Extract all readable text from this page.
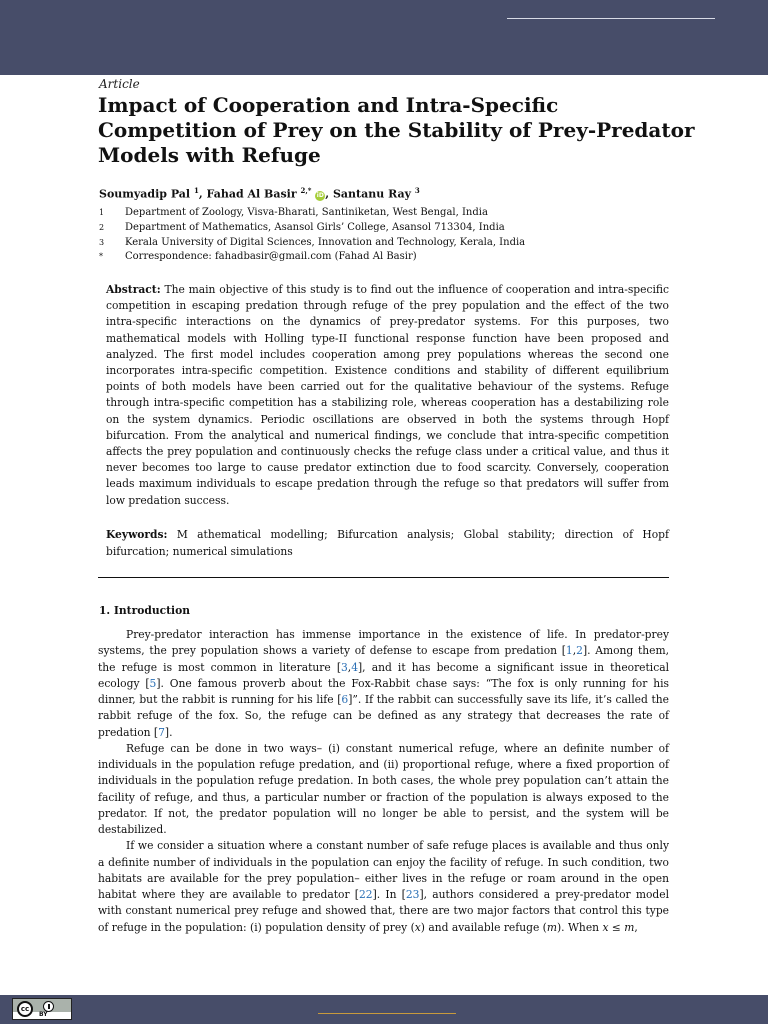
Article
Impact of Cooperation and Intra-Specific Competition of Prey on the Stability of Prey-Predator Models with Refuge
Soumyadip Pal $^1$, Fahad Al Basir $^{2,*}$ iD, Santanu Ray $^3$
1	Department of Zoology, Visva-Bharati, Santiniketan, West Bengal, India
2	Department of Mathematics, Asansol Girls’ College, Asansol 713304, India
3	Kerala University of Digital Sciences, Innovation and Technology, Kerala, India
*	Correspondence: fahadbasir@gmail.com (Fahad Al Basir)

Abstract: The main objective of this study is to find out the influence of cooperation and intra-specific competition in escaping predation through refuge of the prey population and the effect of the two intra-specific interactions on the dynamics of prey-predator systems. For this purposes, two mathematical models with Holling type-II functional response function have been proposed and analyzed. The first model includes cooperation among prey populations whereas the second one incorporates intra-specific competition. Existence conditions and stability of different equilibrium points of both models have been carried out for the qualitative behaviour of the systems. Refuge through intra-specific competition has a stabilizing role, whereas cooperation has a destabilizing role on the system dynamics. Periodic oscillations are observed in both the systems through Hopf bifurcation. From the analytical and numerical findings, we conclude that intra-specific competition affects the prey population and continuously checks the refuge class under a critical value, and thus it never becomes too large to cause predator extinction due to food scarcity. Conversely, cooperation leads maximum individuals to escape predation through the refuge so that predators will suffer from low predation success.

Keywords: M athematical modelling; Bifurcation analysis; Global stability; direction of Hopf bifurcation; numerical simulations

1. Introduction

Prey-predator interaction has immense importance in the existence of life. In predator-prey systems, the prey population shows a variety of defense to escape from predation [1,2]. Among them, the refuge is most common in literature [3,4], and it has become a significant issue in theoretical ecology [5]. One famous proverb about the Fox-Rabbit chase says: “The fox is only running for his dinner, but the rabbit is running for his life [6]”. If the rabbit can successfully save its life, it’s called the rabbit refuge of the fox. So, the refuge can be defined as any strategy that decreases the rate of predation [7].

Refuge can be done in two ways– (i) constant numerical refuge, where an definite number of individuals in the population refuge predation, and (ii) proportional refuge, where a fixed proportion of individuals in the population refuge predation. In both cases, the whole prey population can’t attain the facility of refuge, and thus, a particular number or fraction of the population is always exposed to the predator. If not, the predator population will no longer be able to persist, and the system will be destabilized.

If we consider a situation where a constant number of safe refuge places is available and thus only a definite number of individuals in the population can enjoy the facility of refuge. In such condition, two habitats are available for the prey population– either lives in the refuge or roam around in the open habitat where they are available to predator [22]. In [23], authors considered a prey-predator model with constant numerical prey refuge and showed that, there are two major factors that control this type of refuge in the population: (i) population density of prey (x) and available refuge (m). When x ≤ m,

cc
BY
